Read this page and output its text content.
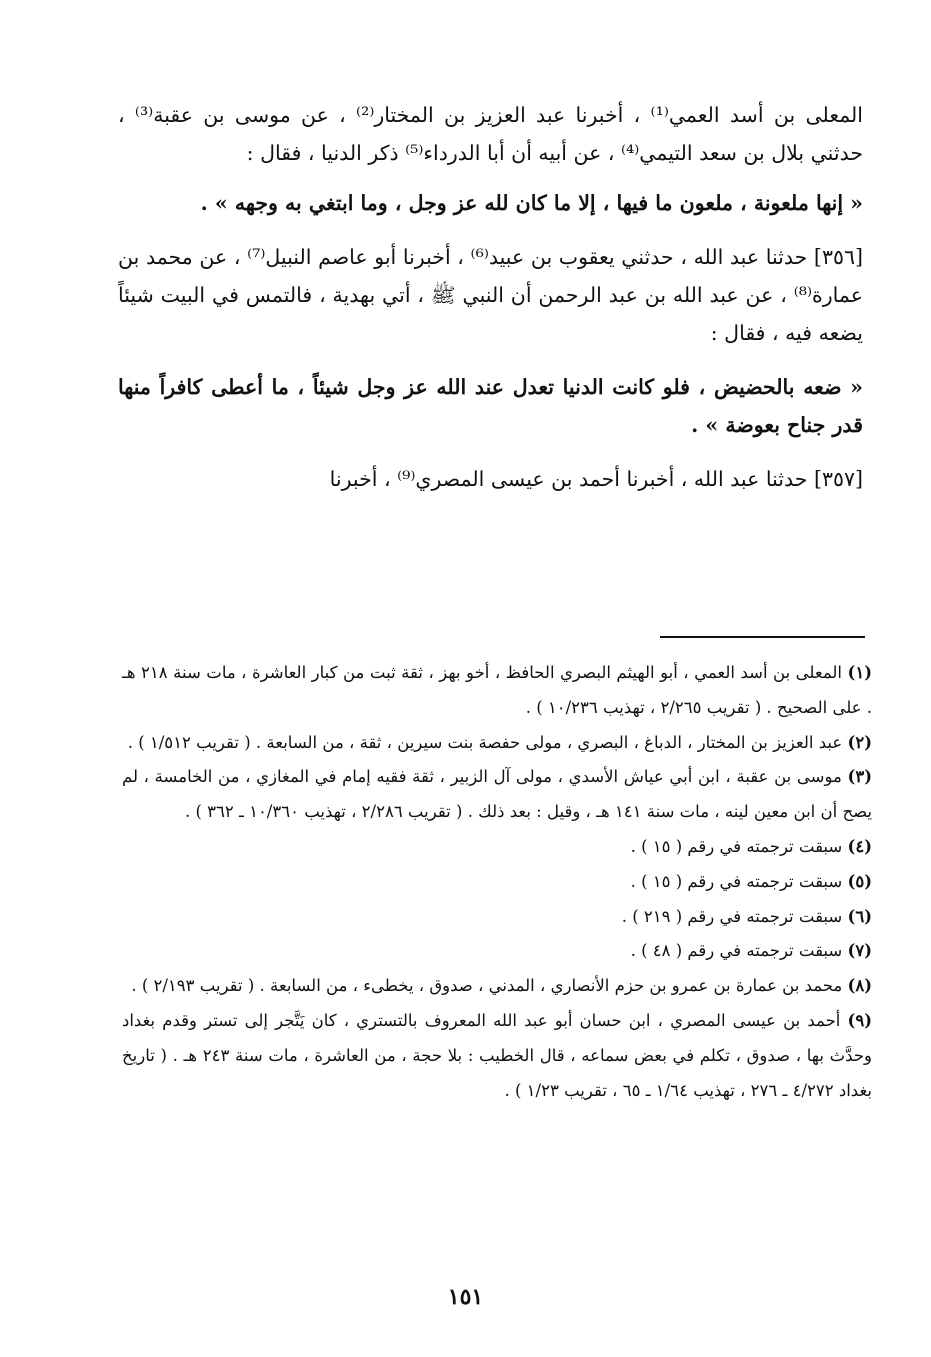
المعلى بن أسد العمي⁽¹⁾ ، أخبرنا عبد العزيز بن المختار⁽²⁾ ، عن موسى بن عقبة⁽³⁾ ، حدثني بلال بن سعد التيمي⁽⁴⁾ ، عن أبيه أن أبا الدرداء⁽⁵⁾ ذكر الدنيا ، فقال :

« إنها ملعونة ، ملعون ما فيها ، إلا ما كان لله عز وجل ، وما ابتغي به وجهه » .

[٣٥٦] حدثنا عبد الله ، حدثني يعقوب بن عبيد⁽⁶⁾ ، أخبرنا أبو عاصم النبيل⁽⁷⁾ ، عن محمد بن عمارة⁽⁸⁾ ، عن عبد الله بن عبد الرحمن أن النبي ﷺ ، أتي بهدية ، فالتمس في البيت شيئاً يضعه فيه ، فقال :

« ضعه بالحضيض ، فلو كانت الدنيا تعدل عند الله عز وجل شيئاً ، ما أعطى كافراً منها قدر جناح بعوضة » .

[٣٥٧] حدثنا عبد الله ، أخبرنا أحمد بن عيسى المصري⁽⁹⁾ ، أخبرنا

(١) المعلى بن أسد العمي ، أبو الهيثم البصري الحافظ ، أخو بهز ، ثقة ثبت من كبار العاشرة ، مات سنة ٢١٨ هـ . على الصحيح . ( تقريب ٢/٢٦٥ ، تهذيب ١٠/٢٣٦ ) .

(٢) عبد العزيز بن المختار ، الدباغ ، البصري ، مولى حفصة بنت سيرين ، ثقة ، من السابعة . ( تقريب ١/٥١٢ ) .

(٣) موسى بن عقبة ، ابن أبي عياش الأسدي ، مولى آل الزبير ، ثقة فقيه إمام في المغازي ، من الخامسة ، لم يصح أن ابن معين لينه ، مات سنة ١٤١ هـ ، وقيل : بعد ذلك . ( تقريب ٢/٢٨٦ ، تهذيب ١٠/٣٦٠ ـ ٣٦٢ ) .

(٤) سبقت ترجمته في رقم ( ١٥ ) .

(٥) سبقت ترجمته في رقم ( ١٥ ) .

(٦) سبقت ترجمته في رقم ( ٢١٩ ) .

(٧) سبقت ترجمته في رقم ( ٤٨ ) .

(٨) محمد بن عمارة بن عمرو بن حزم الأنصاري ، المدني ، صدوق ، يخطىء ، من السابعة . ( تقريب ٢/١٩٣ ) .

(٩) أحمد بن عيسى المصري ، ابن حسان أبو عبد الله المعروف بالتستري ، كان يَتَّجر إلى تستر وقدم بغداد وحدَّث بها ، صدوق ، تكلم في بعض سماعه ، قال الخطيب : بلا حجة ، من العاشرة ، مات سنة ٢٤٣ هـ . ( تاريخ بغداد ٤/٢٧٢ ـ ٢٧٦ ، تهذيب ١/٦٤ ـ ٦٥ ، تقريب ١/٢٣ ) .

١٥١
